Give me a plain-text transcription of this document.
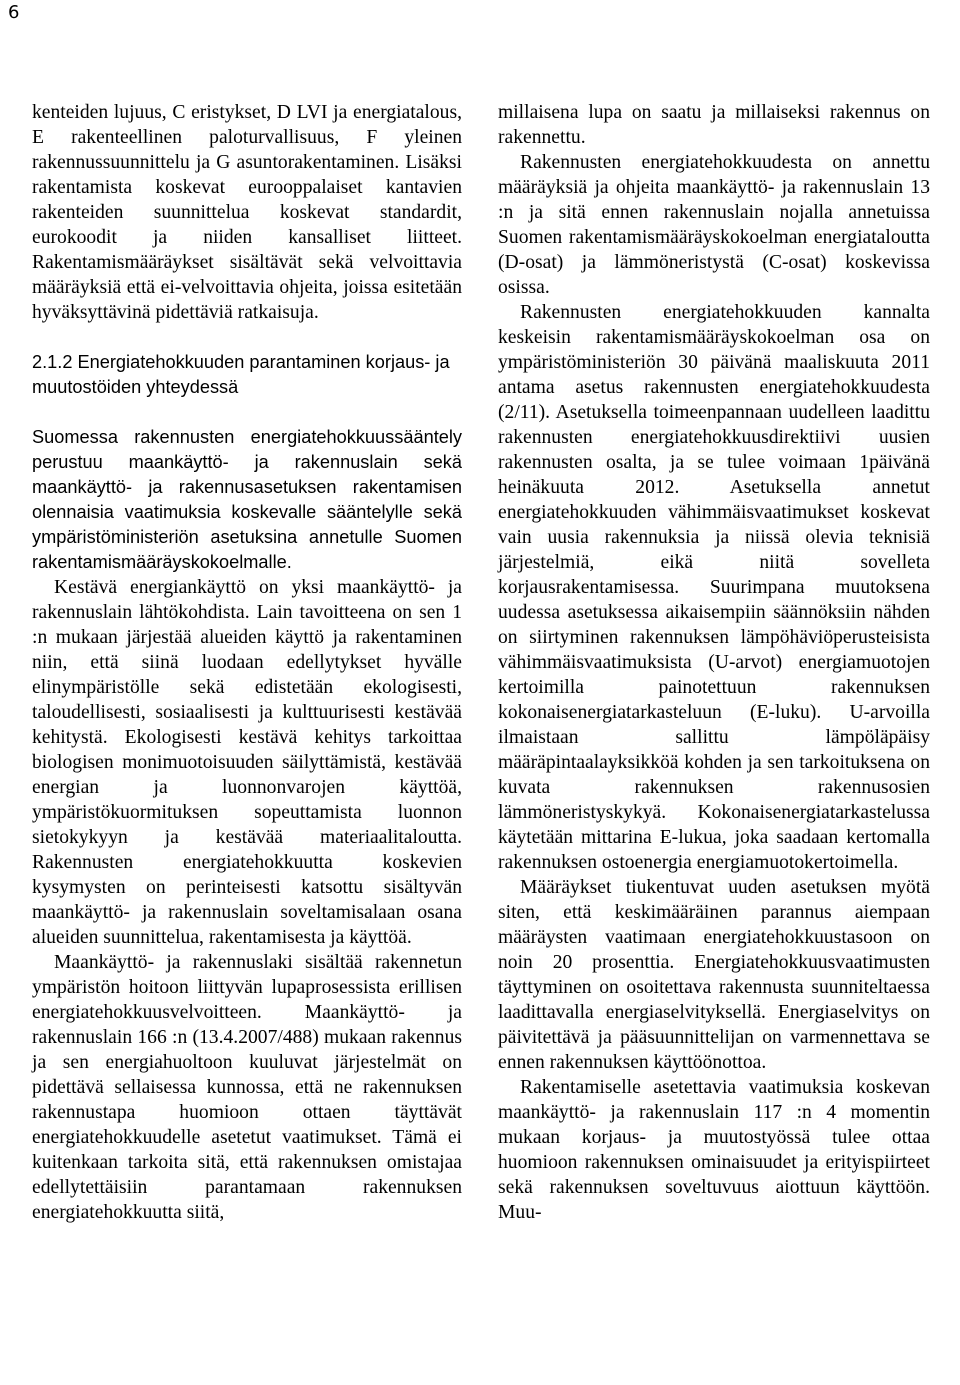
6

kenteiden lujuus, C eristykset, D LVI ja energiatalous, E rakenteellinen paloturvallisuus, F yleinen rakennussuunnittelu ja G asuntorakentaminen. Lisäksi rakentamista koskevat eurooppalaiset kantavien rakenteiden suunnittelua koskevat standardit, eurokoodit ja niiden kansalliset liitteet. Rakentamismääräykset sisältävät sekä velvoittavia määräyksiä että ei-velvoittavia ohjeita, joissa esitetään hyväksyttävinä pidettäviä ratkaisuja.

2.1.2 Energiatehokkuuden parantaminen korjaus- ja muutostöiden yhteydessä

Suomessa rakennusten energiatehokkuussääntely perustuu maankäyttö- ja rakennuslain sekä maankäyttö- ja rakennusasetuksen rakentamisen olennaisia vaatimuksia koskevalle sääntelylle sekä ympäristöministeriön asetuksina annetulle Suomen rakentamismääräyskokoelmalle.

Kestävä energiankäyttö on yksi maankäyttö- ja rakennuslain lähtökohdista. Lain tavoitteena on sen 1 :n mukaan järjestää alueiden käyttö ja rakentaminen niin, että siinä luodaan edellytykset hyvälle elinympäristölle sekä edistetään ekologisesti, taloudellisesti, sosiaalisesti ja kulttuurisesti kestävää kehitystä. Ekologisesti kestävä kehitys tarkoittaa biologisen monimuotoisuuden säilyttämistä, kestävää energian ja luonnonvarojen käyttöä, ympäristökuormituksen sopeuttamista luonnon sietokykyyn ja kestävää materiaalitaloutta. Rakennusten energiatehokkuutta koskevien kysymysten on perinteisesti katsottu sisältyvän maankäyttö- ja rakennuslain soveltamisalaan osana alueiden suunnittelua, rakentamisesta ja käyttöä.

Maankäyttö- ja rakennuslaki sisältää rakennetun ympäristön hoitoon liittyvän lupaprosessista erillisen energiatehokkuusvelvoitteen. Maankäyttö- ja rakennuslain 166 :n (13.4.2007/488) mukaan rakennus ja sen energiahuoltoon kuuluvat järjestelmät on pidettävä sellaisessa kunnossa, että ne rakennuksen rakennustapa huomioon ottaen täyttävät energiatehokkuudelle asetetut vaatimukset. Tämä ei kuitenkaan tarkoita sitä, että rakennuksen omistajaa edellytettäisiin parantamaan rakennuksen energiatehokkuutta siitä,

millaisena lupa on saatu ja millaiseksi rakennus on rakennettu.

Rakennusten energiatehokkuudesta on annettu määräyksiä ja ohjeita maankäyttö- ja rakennuslain 13 :n ja sitä ennen rakennuslain nojalla annetuissa Suomen rakentamismääräyskokoelman energiataloutta (D-osat) ja lämmöneristystä (C-osat) koskevissa osissa.

Rakennusten energiatehokkuuden kannalta keskeisin rakentamismääräyskokoelman osa on ympäristöministeriön 30 päivänä maaliskuuta 2011 antama asetus rakennusten energiatehokkuudesta (2/11). Asetuksella toimeenpannaan uudelleen laadittu rakennusten energiatehokkuusdirektiivi uusien rakennusten osalta, ja se tulee voimaan 1päivänä heinäkuuta 2012. Asetuksella annetut energiatehokkuuden vähimmäisvaatimukset koskevat vain uusia rakennuksia ja niissä olevia teknisiä järjestelmiä, eikä niitä sovelleta korjausrakentamisessa. Suurimpana muutoksena uudessa asetuksessa aikaisempiin säännöksiin nähden on siirtyminen rakennuksen lämpöhäviöperusteisista vähimmäisvaatimuksista (U-arvot) energiamuotojen kertoimilla painotettuun rakennuksen kokonaisenergiatarkasteluun (E-luku). U-arvoilla ilmaistaan sallittu lämpöläpäisy määräpintaalayksikköä kohden ja sen tarkoituksena on kuvata rakennuksen rakennusosien lämmöneristyskykyä. Kokonaisenergiatarkastelussa käytetään mittarina E-lukua, joka saadaan kertomalla rakennuksen ostoenergia energiamuotokertoimella.

Määräykset tiukentuvat uuden asetuksen myötä siten, että keskimääräinen parannus aiempaan määräysten vaatimaan energiatehokkuustasoon on noin 20 prosenttia. Energiatehokkuusvaatimusten täyttyminen on osoitettava rakennusta suunniteltaessa laadittavalla energiaselvityksellä. Energiaselvitys on päivitettävä ja pääsuunnittelijan on varmennettava se ennen rakennuksen käyttöönottoa.

Rakentamiselle asetettavia vaatimuksia koskevan maankäyttö- ja rakennuslain 117 :n 4 momentin mukaan korjaus- ja muutostyössä tulee ottaa huomioon rakennuksen ominaisuudet ja erityispiirteet sekä rakennuksen soveltuvuus aiottuun käyttöön. Muu-
